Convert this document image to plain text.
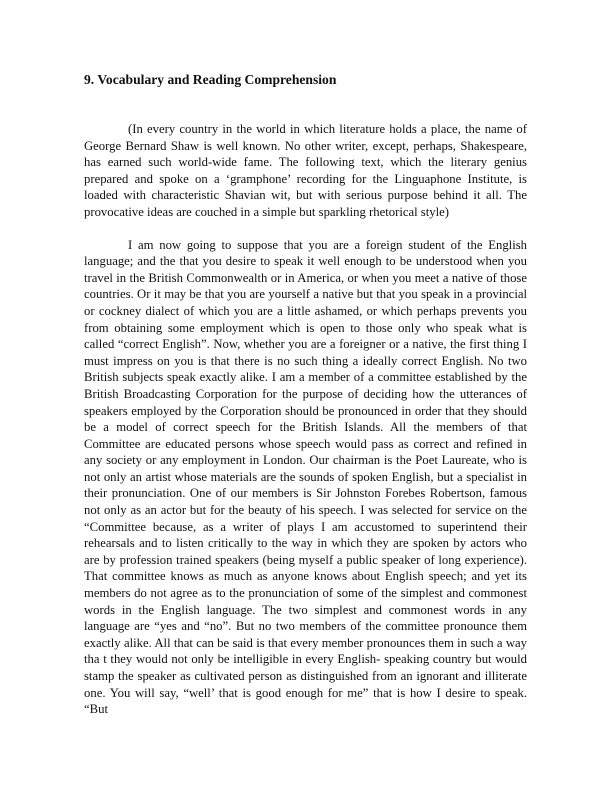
9. Vocabulary and Reading Comprehension

(In every country in the world in which literature holds a place, the name of George Bernard Shaw is well known. No other writer, except, perhaps, Shakespeare, has earned such world-wide fame. The following text, which the literary genius prepared and spoke on a ‘gramphone’ recording for the Linguaphone Institute, is loaded with characteristic Shavian wit, but with serious purpose behind it all. The provocative ideas are couched in a simple but sparkling rhetorical style)

I am now going to suppose that you are a foreign student of the English language; and the that you desire to speak it well enough to be understood when you travel in the British Commonwealth or in America, or when you meet a native of those countries. Or it may be that you are yourself a native but that you speak in a provincial or cockney dialect of which you are a little ashamed, or which perhaps prevents you from obtaining some employment which is open to those only who speak what is called “correct English”. Now, whether you are a foreigner or a native, the first thing I must impress on you is that there is no such thing a ideally correct English. No two British subjects speak exactly alike. I am a member of a committee established by the British Broadcasting Corporation for the purpose of deciding how the utterances of speakers employed by the Corporation should be pronounced in order that they should be a model of correct speech for the British Islands. All the members of that Committee are educated persons whose speech would pass as correct and refined in any society or any employment in London. Our chairman is the Poet Laureate, who is not only an artist whose materials are the sounds of spoken English, but a specialist in their pronunciation. One of our members is Sir Johnston Forebes Robertson, famous not only as an actor but for the beauty of his speech. I was selected for service on the “Committee because, as a writer of plays I am accustomed to superintend their rehearsals and to listen critically to the way in which they are spoken by actors who are by profession trained speakers (being myself a public speaker of long experience). That committee knows as much as anyone knows about English speech; and yet its members do not agree as to the pronunciation of some of the simplest and commonest words in the English language. The two simplest and commonest words in any language are “yes and “no”. But no two members of the committee pronounce them exactly alike. All that can be said is that every member pronounces them in such a way tha t they would not only be intelligible in every English- speaking country but would stamp the speaker as cultivated person as distinguished from an ignorant and illiterate one. You will say, “well’ that is good enough for me” that is how I desire to speak. “But
